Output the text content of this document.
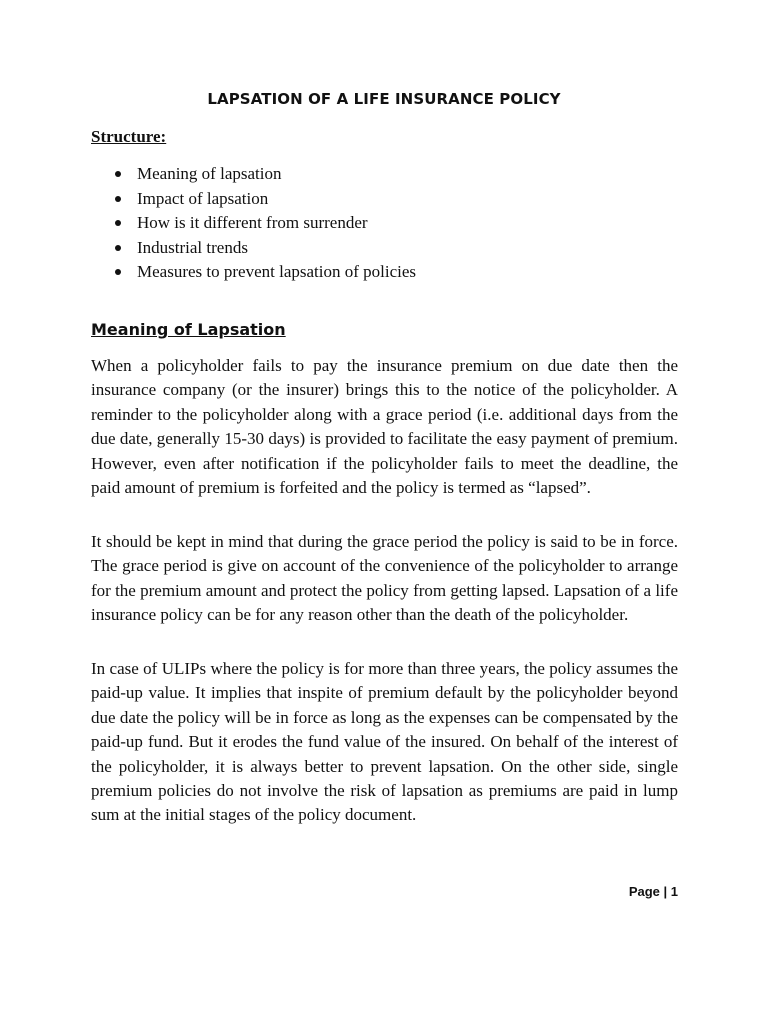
LAPSATION OF A LIFE INSURANCE POLICY
Structure:
Meaning of lapsation
Impact of lapsation
How is it different from surrender
Industrial trends
Measures to prevent lapsation of policies
Meaning of Lapsation

When a policyholder fails to pay the insurance premium on due date then the insurance company (or the insurer) brings this to the notice of the policyholder. A reminder to the policyholder along with a grace period (i.e. additional days from the due date, generally 15-30 days) is provided to facilitate the easy payment of premium. However, even after notification if the policyholder fails to meet the deadline, the paid amount of premium is forfeited and the policy is termed as “lapsed”.

It should be kept in mind that during the grace period the policy is said to be in force. The grace period is give on account of the convenience of the policyholder to arrange for the premium amount and protect the policy from getting lapsed. Lapsation of a life insurance policy can be for any reason other than the death of the policyholder.

In case of ULIPs where the policy is for more than three years, the policy assumes the paid-up value. It implies that inspite of premium default by the policyholder beyond due date the policy will be in force as long as the expenses can be compensated by the paid-up fund. But it erodes the fund value of the insured. On behalf of the interest of the policyholder, it is always better to prevent lapsation. On the other side, single premium policies do not involve the risk of lapsation as premiums are paid in lump sum at the initial stages of the policy document.

Page | 1
